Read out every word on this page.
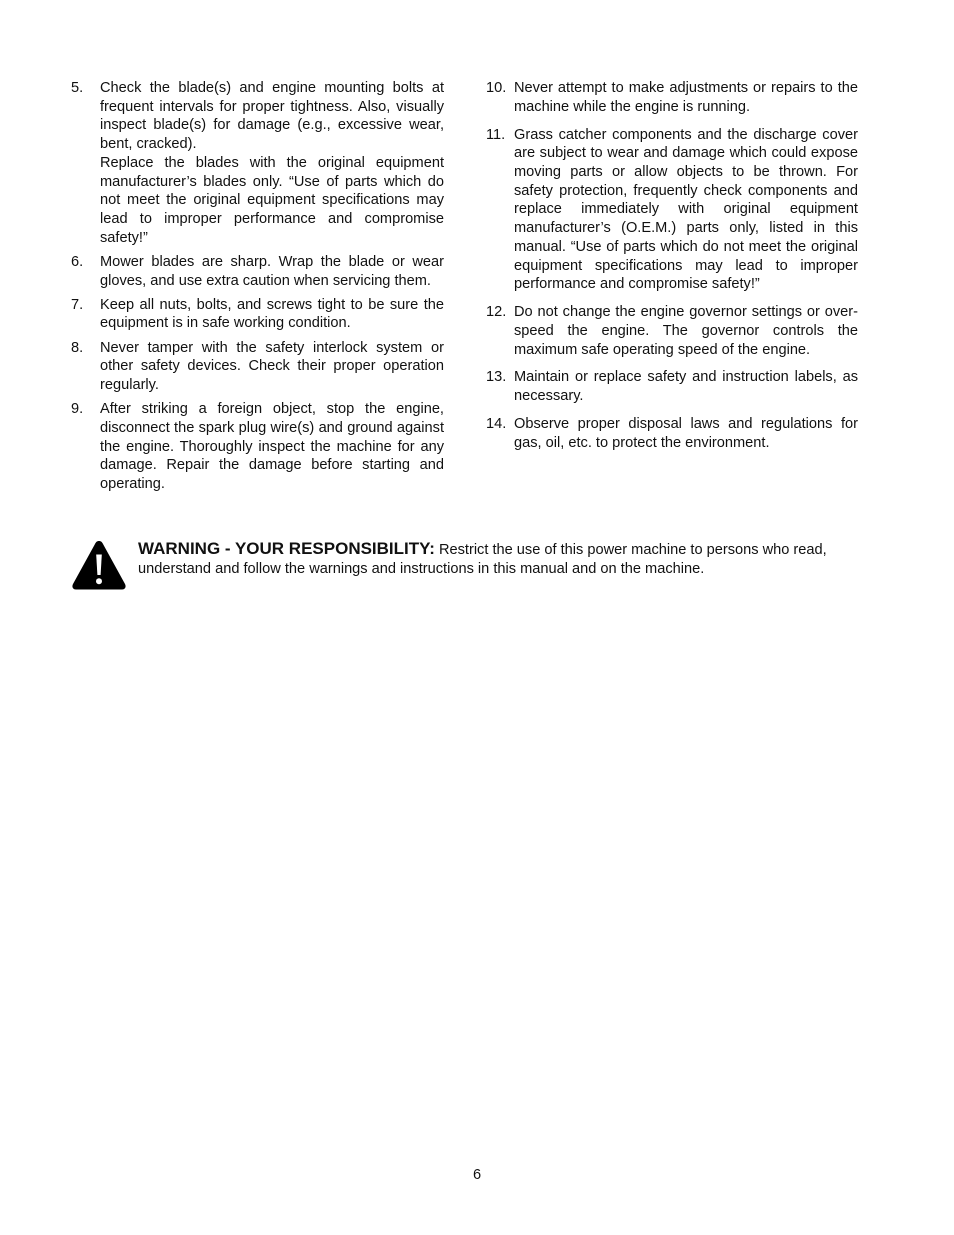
5.	Check the blade(s) and engine mounting bolts at frequent intervals for proper tightness. Also, visually inspect blade(s) for damage (e.g., excessive wear, bent, cracked).

Replace the blades with the original equipment manufacturer’s blades only. “Use of parts which do not meet the original equipment specifications may lead to improper performance and compromise safety!”

6.	Mower blades are sharp. Wrap the blade or wear gloves, and use extra caution when servicing them.

7.	Keep all nuts, bolts, and screws tight to be sure the equipment is in safe working condition.

8.	Never tamper with the safety interlock system or other safety devices. Check their proper operation regularly.

9.	After striking a foreign object, stop the engine, disconnect the spark plug wire(s) and ground against the engine. Thoroughly inspect the machine for any damage. Repair the damage before starting and operating.

10. Never attempt to make adjustments or repairs to the machine while the engine is running.

11. Grass catcher components and the discharge cover are subject to wear and damage which could expose moving parts or allow objects to be thrown. For safety protection, frequently check components and replace immediately with original equipment manufacturer’s (O.E.M.) parts only, listed in this manual. “Use of parts which do not meet the original equipment specifications may lead to improper performance and compromise safety!”

12. Do not change the engine governor settings or over-speed the engine. The governor controls the maximum safe operating speed of the engine.

13. Maintain or replace safety and instruction labels, as necessary.

14. Observe proper disposal laws and regulations for gas, oil, etc. to protect the environment.

WARNING - YOUR RESPONSIBILITY: Restrict the use of this power machine to persons who read, understand and follow the warnings and instructions in this manual and on the machine.
6
